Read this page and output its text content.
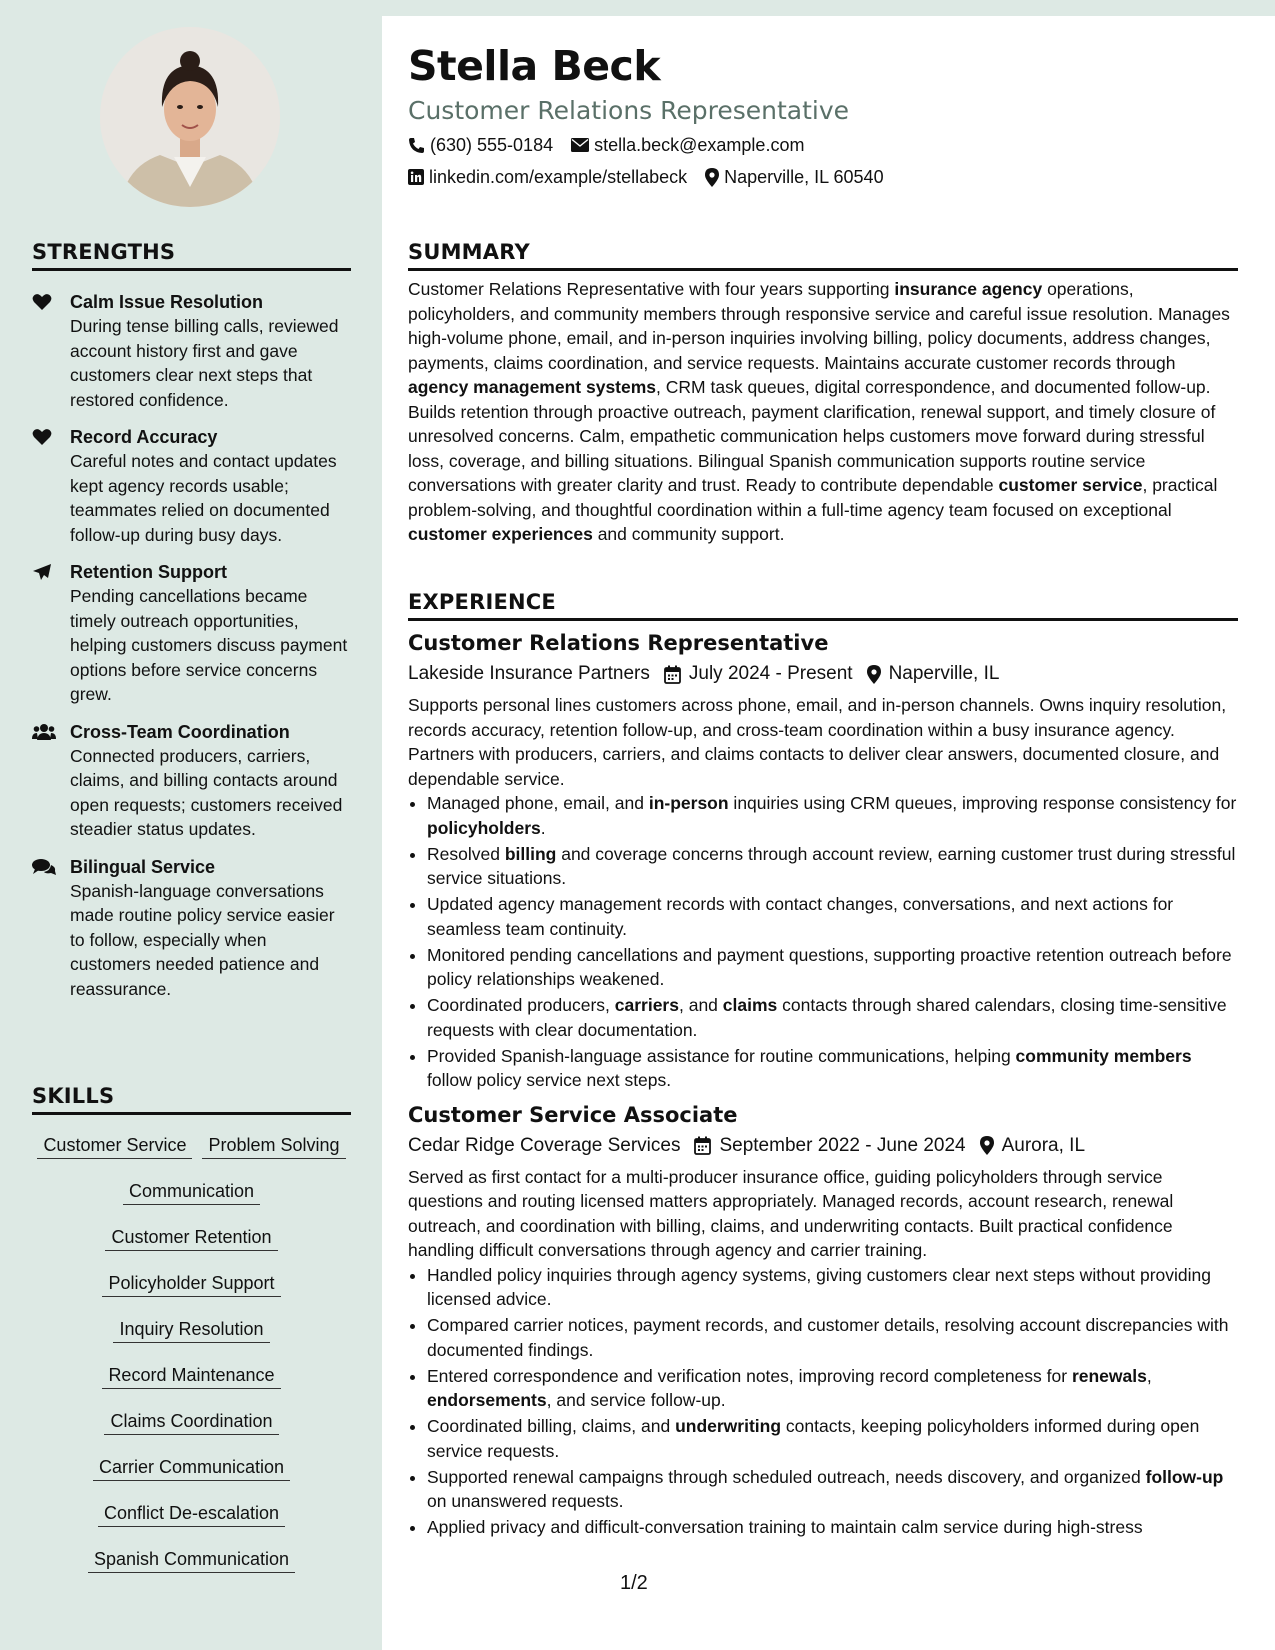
STRENGTHS
Calm Issue Resolution
During tense billing calls, reviewed account history first and gave customers clear next steps that restored confidence.
Record Accuracy
Careful notes and contact updates kept agency records usable; teammates relied on documented follow-up during busy days.
Retention Support
Pending cancellations became timely outreach opportunities, helping customers discuss payment options before service concerns grew.
Cross-Team Coordination
Connected producers, carriers, claims, and billing contacts around open requests; customers received steadier status updates.
Bilingual Service
Spanish-language conversations made routine policy service easier to follow, especially when customers needed patience and reassurance.
SKILLS
Customer Service	Problem Solving
Communication
Customer Retention
Policyholder Support
Inquiry Resolution
Record Maintenance
Claims Coordination
Carrier Communication
Conflict De-escalation
Spanish Communication
Stella Beck
Customer Relations Representative
(630) 555-0184 stella.beck@example.com
linkedin.com/example/stellabeck Naperville, IL 60540
SUMMARY
Customer Relations Representative with four years supporting insurance agency operations, policyholders, and community members through responsive service and careful issue resolution. Manages high-volume phone, email, and in-person inquiries involving billing, policy documents, address changes, payments, claims coordination, and service requests. Maintains accurate customer records through agency management systems, CRM task queues, digital correspondence, and documented follow-up. Builds retention through proactive outreach, payment clarification, renewal support, and timely closure of unresolved concerns. Calm, empathetic communication helps customers move forward during stressful loss, coverage, and billing situations. Bilingual Spanish communication supports routine service conversations with greater clarity and trust. Ready to contribute dependable customer service, practical problem-solving, and thoughtful coordination within a full-time agency team focused on exceptional customer experiences and community support.
EXPERIENCE
Customer Relations Representative
Lakeside Insurance Partners July 2024 - Present Naperville, IL
Supports personal lines customers across phone, email, and in-person channels. Owns inquiry resolution, records accuracy, retention follow-up, and cross-team coordination within a busy insurance agency. Partners with producers, carriers, and claims contacts to deliver clear answers, documented closure, and dependable service.
• Managed phone, email, and in-person inquiries using CRM queues, improving response consistency for policyholders.
• Resolved billing and coverage concerns through account review, earning customer trust during stressful service situations.
• Updated agency management records with contact changes, conversations, and next actions for seamless team continuity.
• Monitored pending cancellations and payment questions, supporting proactive retention outreach before policy relationships weakened.
• Coordinated producers, carriers, and claims contacts through shared calendars, closing time-sensitive requests with clear documentation.
• Provided Spanish-language assistance for routine communications, helping community members follow policy service next steps.
Customer Service Associate
Cedar Ridge Coverage Services September 2022 - June 2024 Aurora, IL
Served as first contact for a multi-producer insurance office, guiding policyholders through service questions and routing licensed matters appropriately. Managed records, account research, renewal outreach, and coordination with billing, claims, and underwriting contacts. Built practical confidence handling difficult conversations through agency and carrier training.
• Handled policy inquiries through agency systems, giving customers clear next steps without providing licensed advice.
• Compared carrier notices, payment records, and customer details, resolving account discrepancies with documented findings.
• Entered correspondence and verification notes, improving record completeness for renewals, endorsements, and service follow-up.
• Coordinated billing, claims, and underwriting contacts, keeping policyholders informed during open service requests.
• Supported renewal campaigns through scheduled outreach, needs discovery, and organized follow-up on unanswered requests.
• Applied privacy and difficult-conversation training to maintain calm service during high-stress
1/2
